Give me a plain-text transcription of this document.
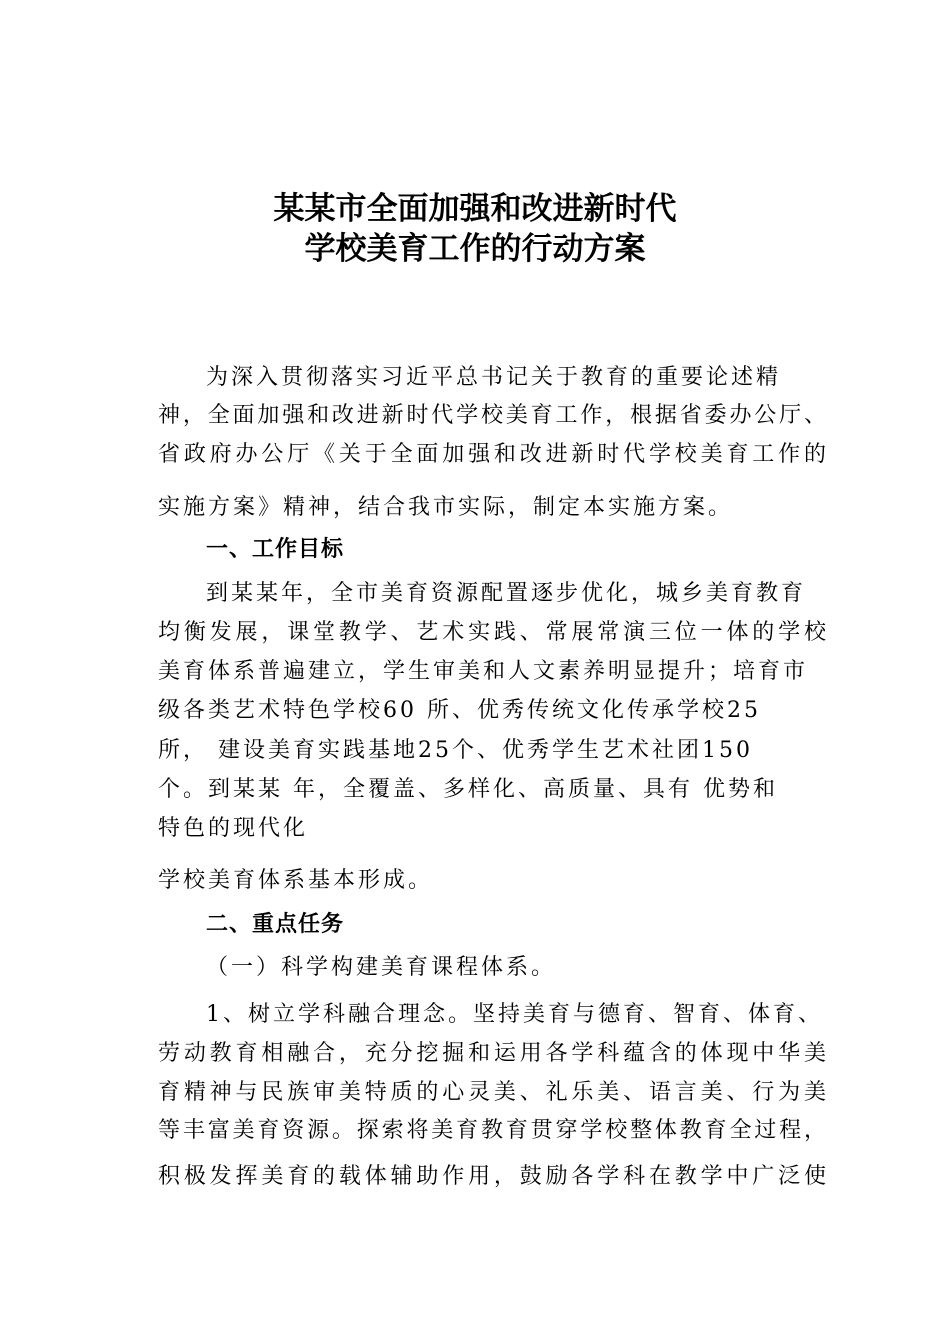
某某市全面加强和改进新时代
学校美育工作的行动方案
为深入贯彻落实习近平总书记关于教育的重要论述精
神，全面加强和改进新时代学校美育工作，根据省委办公厅、
省政府办公厅《关于全面加强和改进新时代学校美育工作的
实施方案》精神，结合我市实际，制定本实施方案。
一、工作目标
到某某年，全市美育资源配置逐步优化，城乡美育教育
均衡发展，课堂教学、艺术实践、常展常演三位一体的学校
美育体系普遍建立，学生审美和人文素养明显提升；培育市
级各类艺术特色学校60 所、优秀传统文化传承学校25
所， 建设美育实践基地25个、优秀学生艺术社团150
个。到某某 年，全覆盖、多样化、高质量、具有 优势和
特色的现代化
学校美育体系基本形成。
二、重点任务
（一）科学构建美育课程体系。
1、树立学科融合理念。坚持美育与德育、智育、体育、
劳动教育相融合，充分挖掘和运用各学科蕴含的体现中华美
育精神与民族审美特质的心灵美、礼乐美、语言美、行为美
等丰富美育资源。探索将美育教育贯穿学校整体教育全过程，
积极发挥美育的载体辅助作用，鼓励各学科在教学中广泛使
